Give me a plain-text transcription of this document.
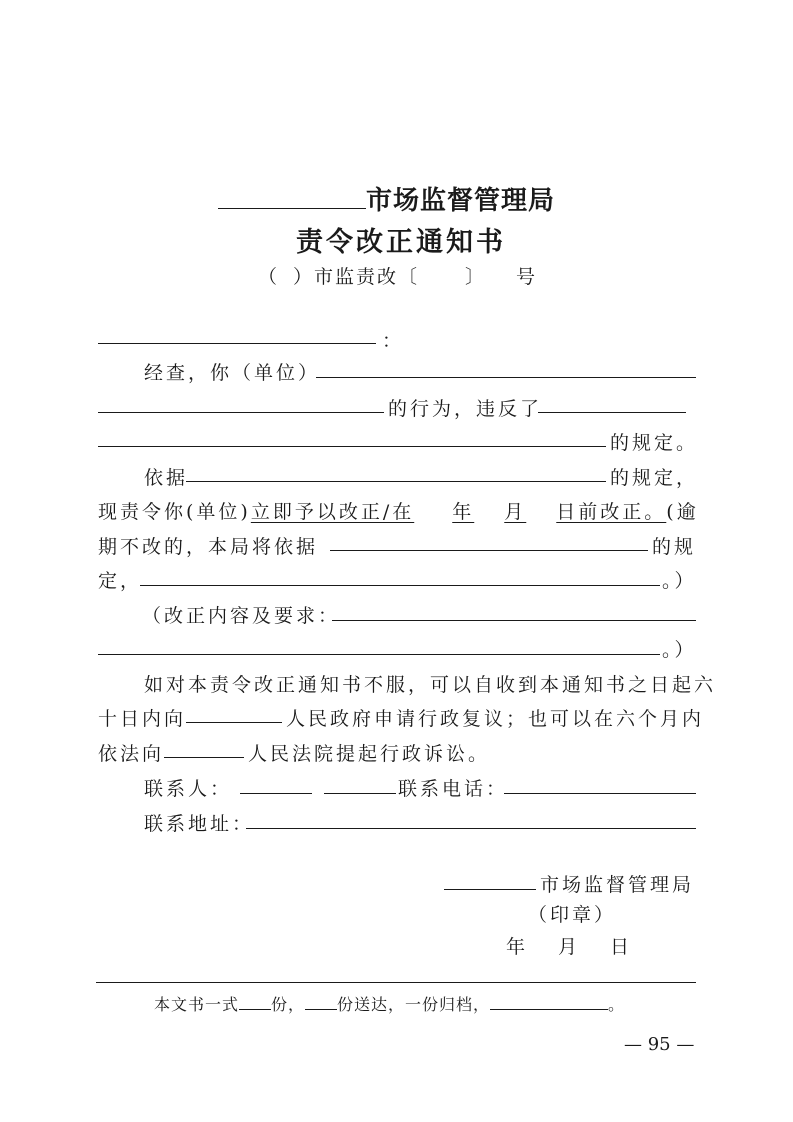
市场监督管理局
责令改正通知书
（ ）市监责改〔 〕 号
：
经查，你（单位）
的行为，违反了
的规定。
依据	的规定，
现责令你(单位)立即予以改正/在 年 月 日前改正。(逾
期不改的，本局将依据	的规
定，	。）
（改正内容及要求：
。）
如对本责令改正通知书不服，可以自收到本通知书之日起六
十日内向	人民政府申请行政复议；也可以在六个月内
依法向	人民法院提起行政诉讼。
联系人：	联系电话：
联系地址：
市场监督管理局
（印章）
年 月 日
本文书一式 份， 份送达，一份归档，	。
— 95 —
